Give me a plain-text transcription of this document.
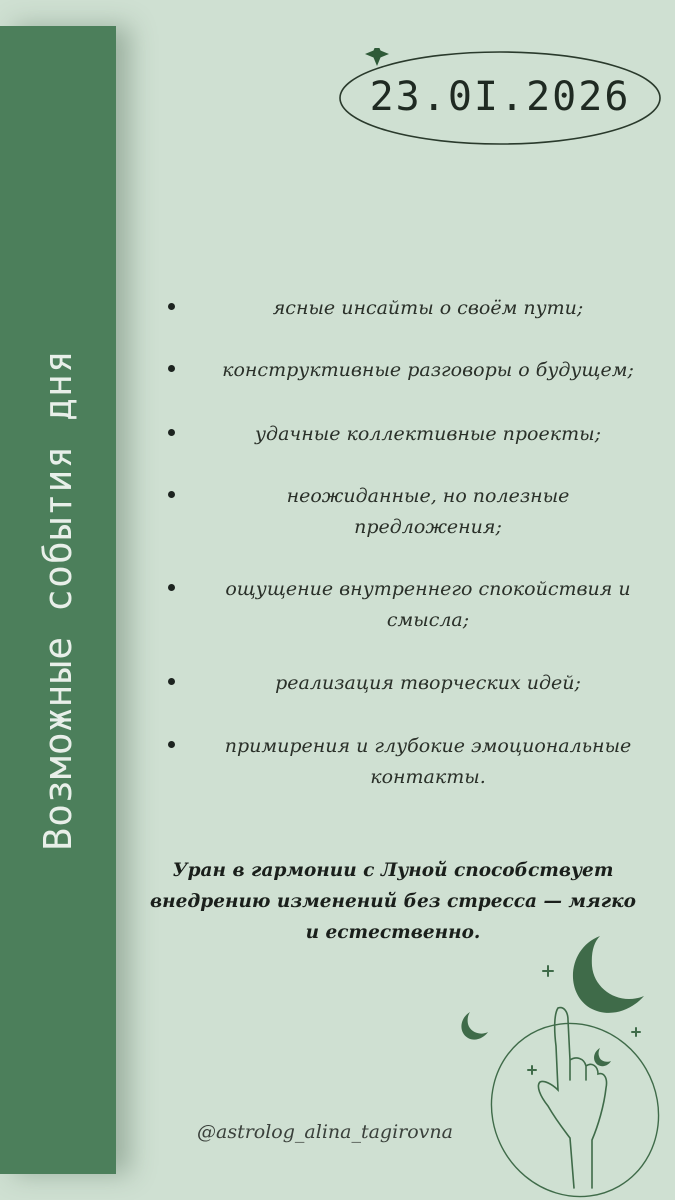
Возможные события дня
23.0I.2026
ясные инсайты о своём пути;
конструктивные разговоры о будущем;
удачные коллективные проекты;
неожиданные, но полезные предложения;
ощущение внутреннего спокойствия и смысла;
реализация творческих идей;
примирения и глубокие эмоциональные контакты.
Уран в гармонии с Луной способствует внедрению изменений без стресса — мягко и естественно.
@astrolog_alina_tagirovna
